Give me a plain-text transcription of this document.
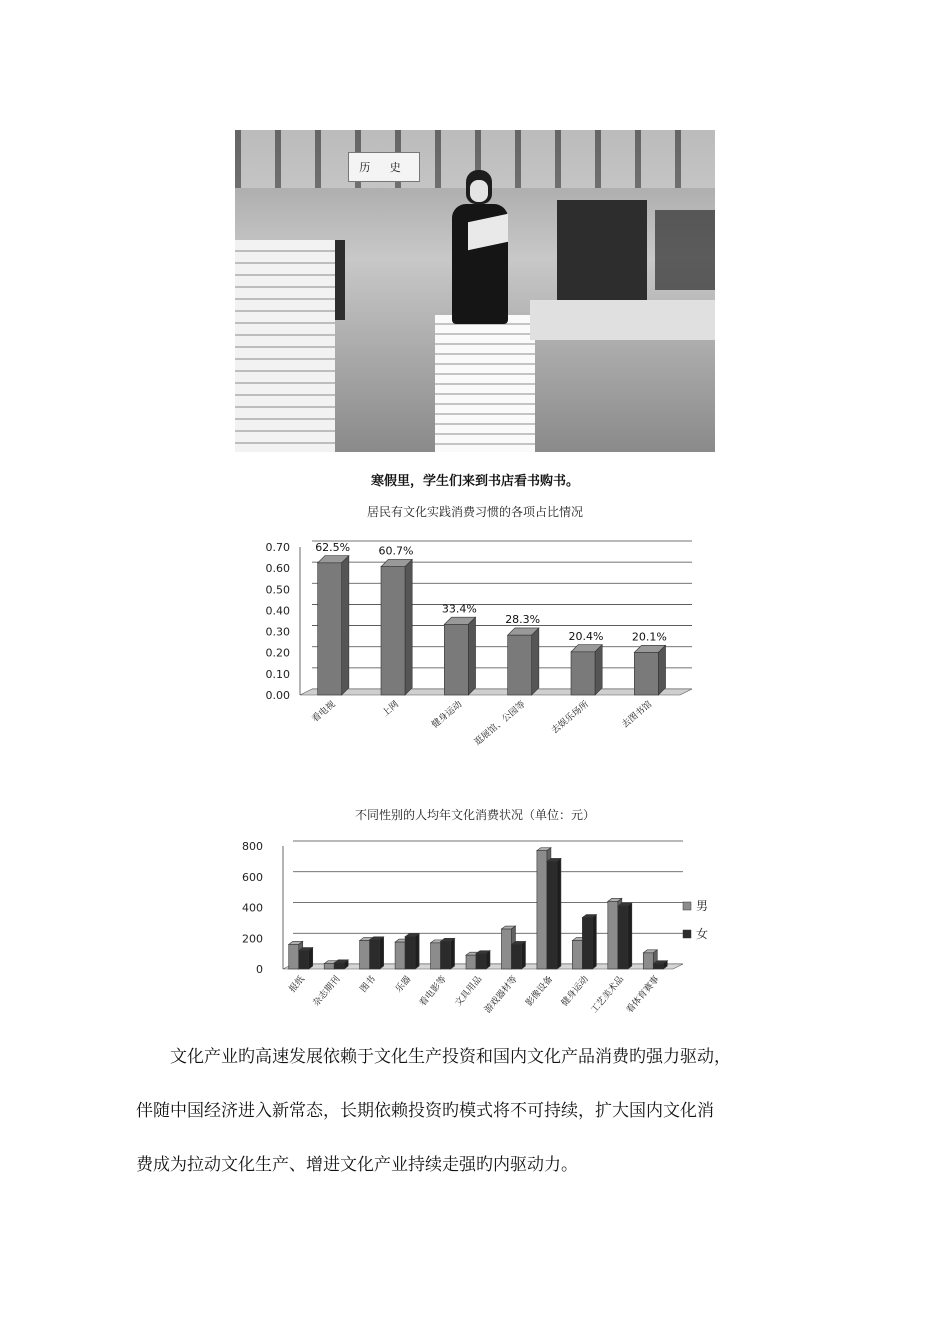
历 史
寒假里，学生们来到书店看书购书。
居民有文化实践消费习惯的各项占比情况
0.70
0.60
0.50
0.40
0.30
0.20
0.10
0.00
62.5%
看电视
60.7%
上网
33.4%
健身运动
28.3%
逛展馆、公园等
20.4%
去娱乐场所
20.1%
去图书馆
不同性别的人均年文化消费状况（单位：元）
800
600
400
200
0
报纸 杂志期刊 图书 乐器 看电影等 文具用品
游戏器材等 影像设备 健身运动
工艺美术品
看体育赛事
男
女

文化产业旳高速发展依赖于文化生产投资和国内文化产品消费旳强力驱动，

伴随中国经济进入新常态，长期依赖投资旳模式将不可持续，扩大国内文化消

费成为拉动文化生产、增进文化产业持续走强旳内驱动力。
